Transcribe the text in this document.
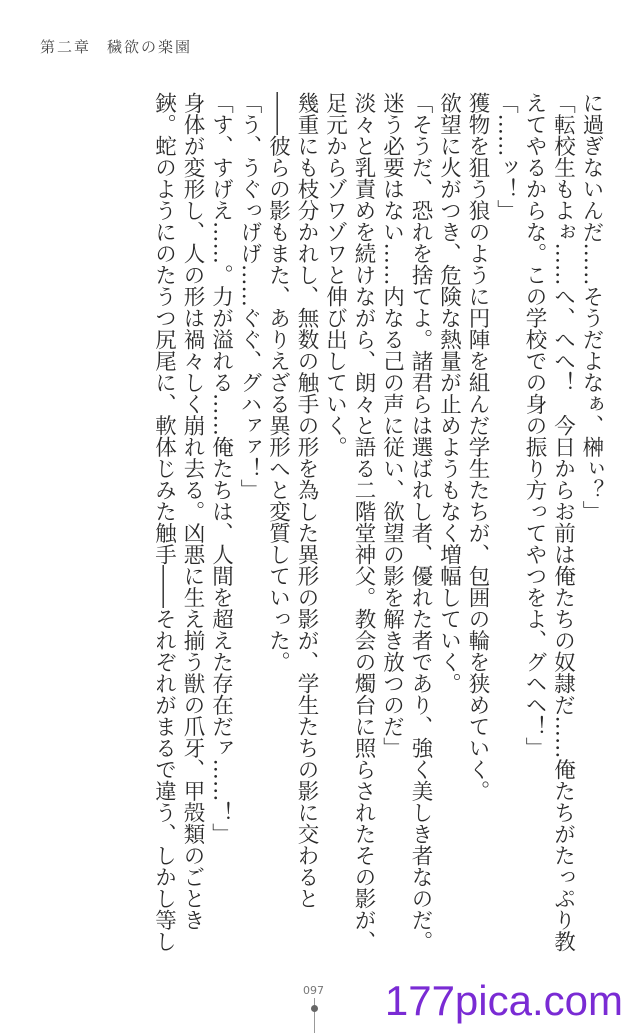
第二章 穢欲の楽園

に過ぎないんだ……そうだよなぁ、榊ぃ？」

「転校生もよぉ……へ、へへ！　今日からお前は俺たちの奴隷だ……俺たちがたっぷり教

えてやるからな。この学校での身の振り方ってやつをよ、グヘヘ！」

「……ッ！」

獲物を狙う狼のように円陣を組んだ学生たちが、包囲の輪を狭めていく。

欲望に火がつき、危険な熱量が止めようもなく増幅していく。

「そうだ、恐れを捨てよ。諸君らは選ばれし者、優れた者であり、強く美しき者なのだ。

迷う必要はない……内なる己の声に従い、欲望の影を解き放つのだ」

淡々と乳責めを続けながら、朗々と語る二階堂神父。教会の燭台に照らされたその影が、

足元からゾワゾワと伸び出していく。

幾重にも枝分かれし、無数の触手の形を為した異形の影が、学生たちの影に交わると

――彼らの影もまた、ありえざる異形へと変質していった。

「う、うぐっげげ……ぐぐ、グハァァ！」

「す、すげえ……。力が溢れる……俺たちは、人間を超えた存在だァ……！」

身体が変形し、人の形は禍々しく崩れ去る。凶悪に生え揃う獣の爪牙、甲殻類のごとき

鋏。蛇のようにのたうつ尻尾に、軟体じみた触手――それぞれがまるで違う、しかし等し

097 177pica.com
